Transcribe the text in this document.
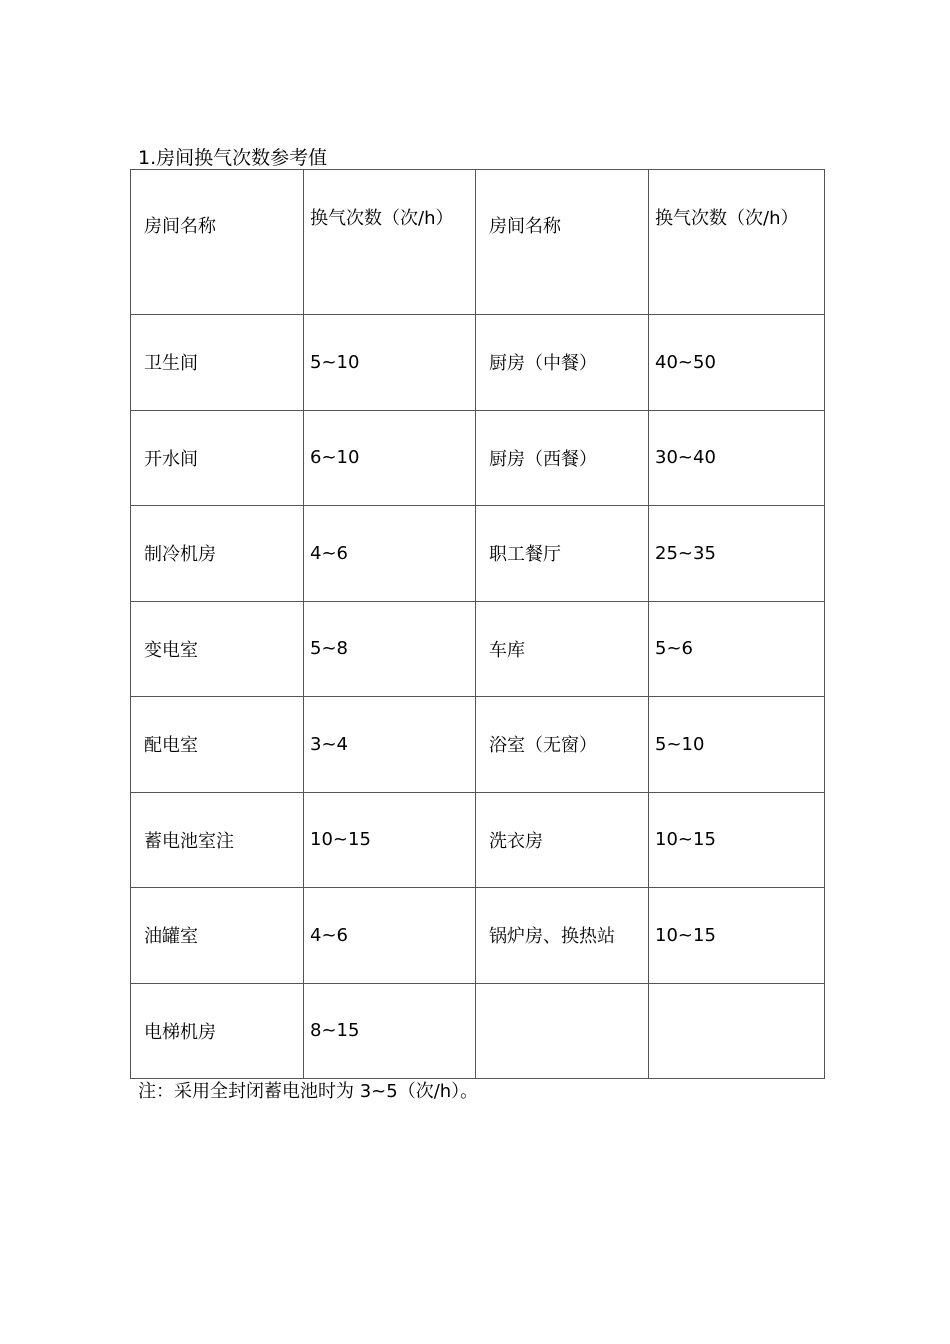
1.房间换气次数参考值
房间名称	换气次数（次/h）	房间名称	换气次数（次/h）
卫生间	5~10	厨房（中餐）	40~50
开水间	6~10	厨房（西餐）	30~40
制冷机房	4~6	职工餐厅	25~35
变电室	5~8	车库	5~6
配电室	3~4	浴室（无窗）	5~10
蓄电池室注	10~15	洗衣房	10~15
油罐室	4~6	锅炉房、换热站	10~15
电梯机房	8~15		
注：采用全封闭蓄电池时为 3~5（次/h）。
